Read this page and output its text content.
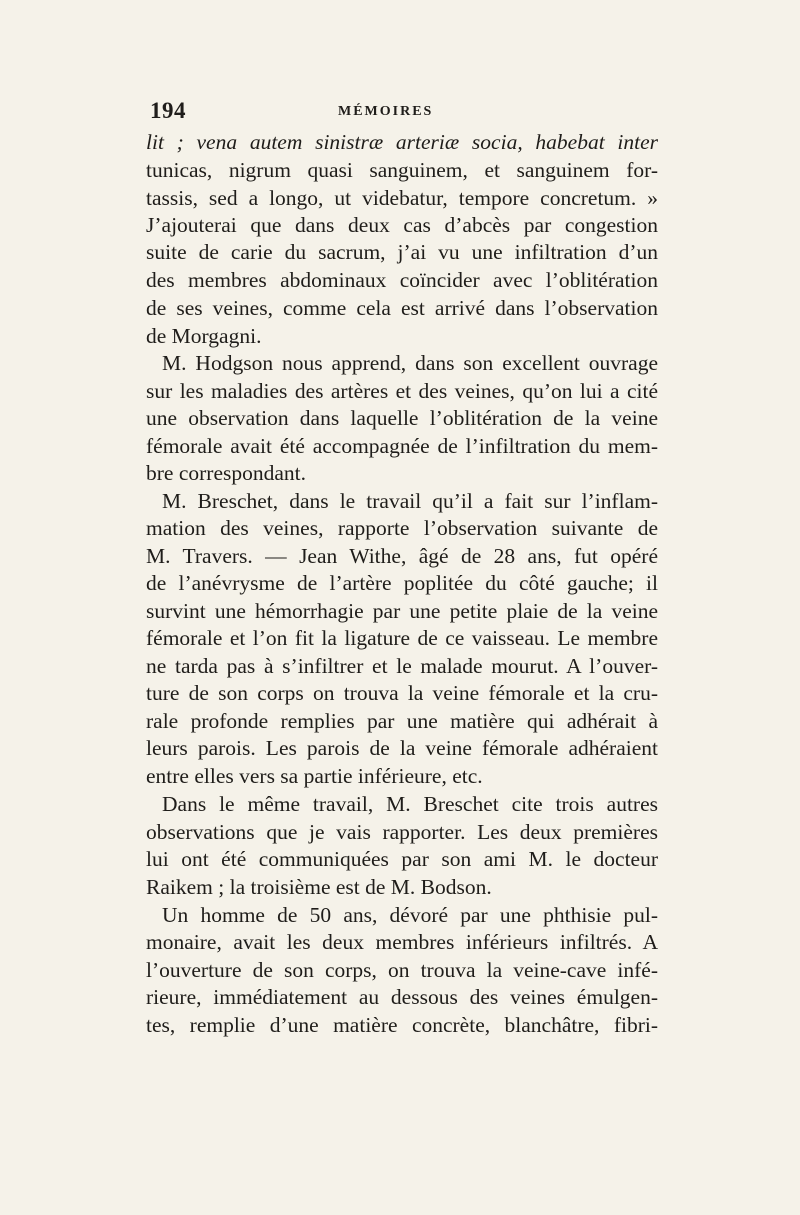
194	MÉMOIRES
lit ; vena autem sinistræ arteriæ socia, habebat inter
tunicas, nigrum quasi sanguinem, et sanguinem for-
tassis, sed a longo, ut videbatur, tempore concretum. »
J’ajouterai que dans deux cas d’abcès par congestion
suite de carie du sacrum, j’ai vu une infiltration d’un
des membres abdominaux coïncider avec l’oblitération
de ses veines, comme cela est arrivé dans l’observation
de Morgagni.
M. Hodgson nous apprend, dans son excellent ouvrage
sur les maladies des artères et des veines, qu’on lui a cité
une observation dans laquelle l’oblitération de la veine
fémorale avait été accompagnée de l’infiltration du mem-
bre correspondant.
M. Breschet, dans le travail qu’il a fait sur l’inflam-
mation des veines, rapporte l’observation suivante de
M. Travers. — Jean Withe, âgé de 28 ans, fut opéré
de l’anévrysme de l’artère poplitée du côté gauche; il
survint une hémorrhagie par une petite plaie de la veine
fémorale et l’on fit la ligature de ce vaisseau. Le membre
ne tarda pas à s’infiltrer et le malade mourut. A l’ouver-
ture de son corps on trouva la veine fémorale et la cru-
rale profonde remplies par une matière qui adhérait à
leurs parois. Les parois de la veine fémorale adhéraient
entre elles vers sa partie inférieure, etc.
Dans le même travail, M. Breschet cite trois autres
observations que je vais rapporter. Les deux premières
lui ont été communiquées par son ami M. le docteur
Raikem ; la troisième est de M. Bodson.
Un homme de 50 ans, dévoré par une phthisie pul-
monaire, avait les deux membres inférieurs infiltrés. A
l’ouverture de son corps, on trouva la veine-cave infé-
rieure, immédiatement au dessous des veines émulgen-
tes, remplie d’une matière concrète, blanchâtre, fibri-
